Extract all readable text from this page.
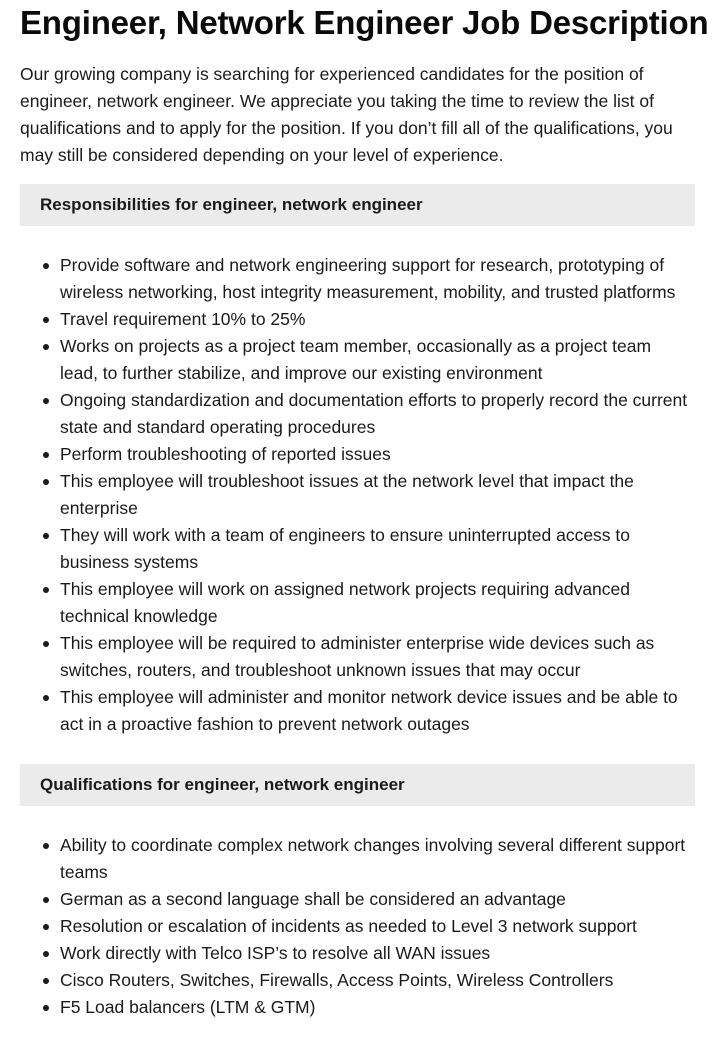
Engineer, Network Engineer Job Description

Our growing company is searching for experienced candidates for the position of engineer, network engineer. We appreciate you taking the time to review the list of qualifications and to apply for the position. If you don’t fill all of the qualifications, you may still be considered depending on your level of experience.

Responsibilities for engineer, network engineer
Provide software and network engineering support for research, prototyping of wireless networking, host integrity measurement, mobility, and trusted platforms
Travel requirement 10% to 25%
Works on projects as a project team member, occasionally as a project team lead, to further stabilize, and improve our existing environment
Ongoing standardization and documentation efforts to properly record the current state and standard operating procedures
Perform troubleshooting of reported issues
This employee will troubleshoot issues at the network level that impact the enterprise
They will work with a team of engineers to ensure uninterrupted access to business systems
This employee will work on assigned network projects requiring advanced technical knowledge
This employee will be required to administer enterprise wide devices such as switches, routers, and troubleshoot unknown issues that may occur
This employee will administer and monitor network device issues and be able to act in a proactive fashion to prevent network outages
Qualifications for engineer, network engineer
Ability to coordinate complex network changes involving several different support teams
German as a second language shall be considered an advantage
Resolution or escalation of incidents as needed to Level 3 network support
Work directly with Telco ISP’s to resolve all WAN issues
Cisco Routers, Switches, Firewalls, Access Points, Wireless Controllers
F5 Load balancers (LTM & GTM)
